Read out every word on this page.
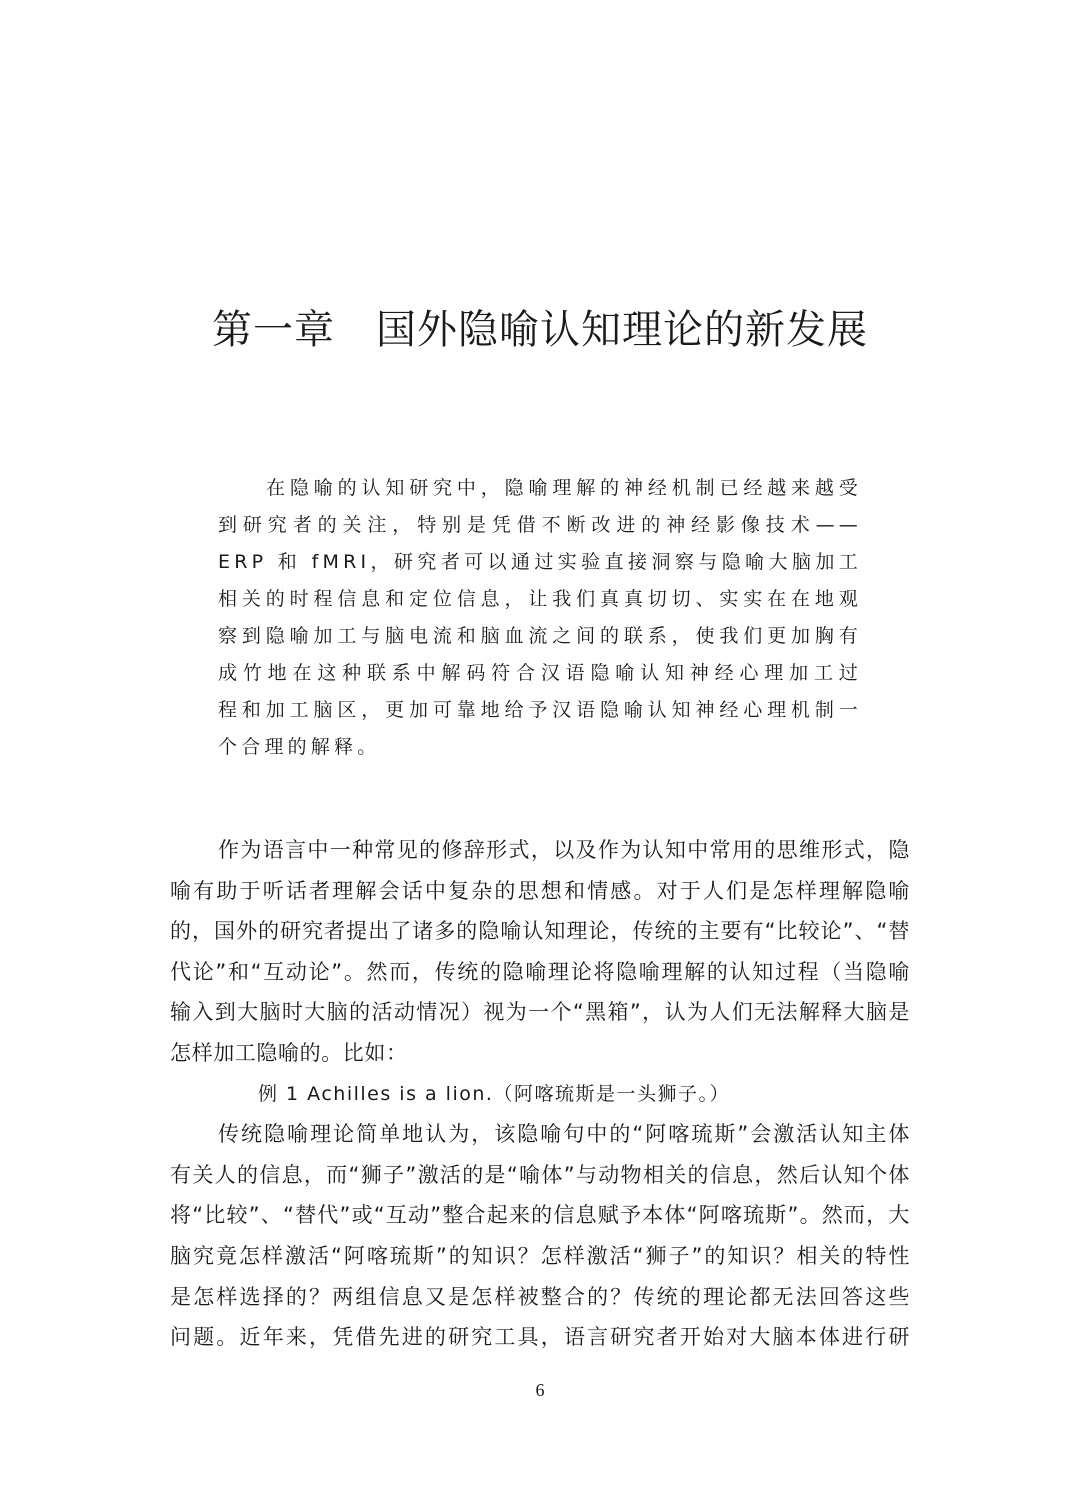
第一章　国外隐喻认知理论的新发展
在隐喻的认知研究中，隐喻理解的神经机制已经越来越受
到研究者的关注，特别是凭借不断改进的神经影像技术——
ERP 和 fMRI，研究者可以通过实验直接洞察与隐喻大脑加工
相关的时程信息和定位信息，让我们真真切切、实实在在地观
察到隐喻加工与脑电流和脑血流之间的联系，使我们更加胸有
成竹地在这种联系中解码符合汉语隐喻认知神经心理加工过
程和加工脑区，更加可靠地给予汉语隐喻认知神经心理机制一
个合理的解释。
作为语言中一种常见的修辞形式，以及作为认知中常用的思维形式，隐
喻有助于听话者理解会话中复杂的思想和情感。对于人们是怎样理解隐喻
的，国外的研究者提出了诸多的隐喻认知理论，传统的主要有“比较论”、“替
代论”和“互动论”。然而，传统的隐喻理论将隐喻理解的认知过程（当隐喻
输入到大脑时大脑的活动情况）视为一个“黑箱”，认为人们无法解释大脑是
怎样加工隐喻的。比如：
例 1 Achilles is a lion.（阿喀琉斯是一头狮子。）
传统隐喻理论简单地认为，该隐喻句中的“阿喀琉斯”会激活认知主体
有关人的信息，而“狮子”激活的是“喻体”与动物相关的信息，然后认知个体
将“比较”、“替代”或“互动”整合起来的信息赋予本体“阿喀琉斯”。然而，大
脑究竟怎样激活“阿喀琉斯”的知识？怎样激活“狮子”的知识？相关的特性
是怎样选择的？两组信息又是怎样被整合的？传统的理论都无法回答这些
问题。近年来，凭借先进的研究工具，语言研究者开始对大脑本体进行研
6
